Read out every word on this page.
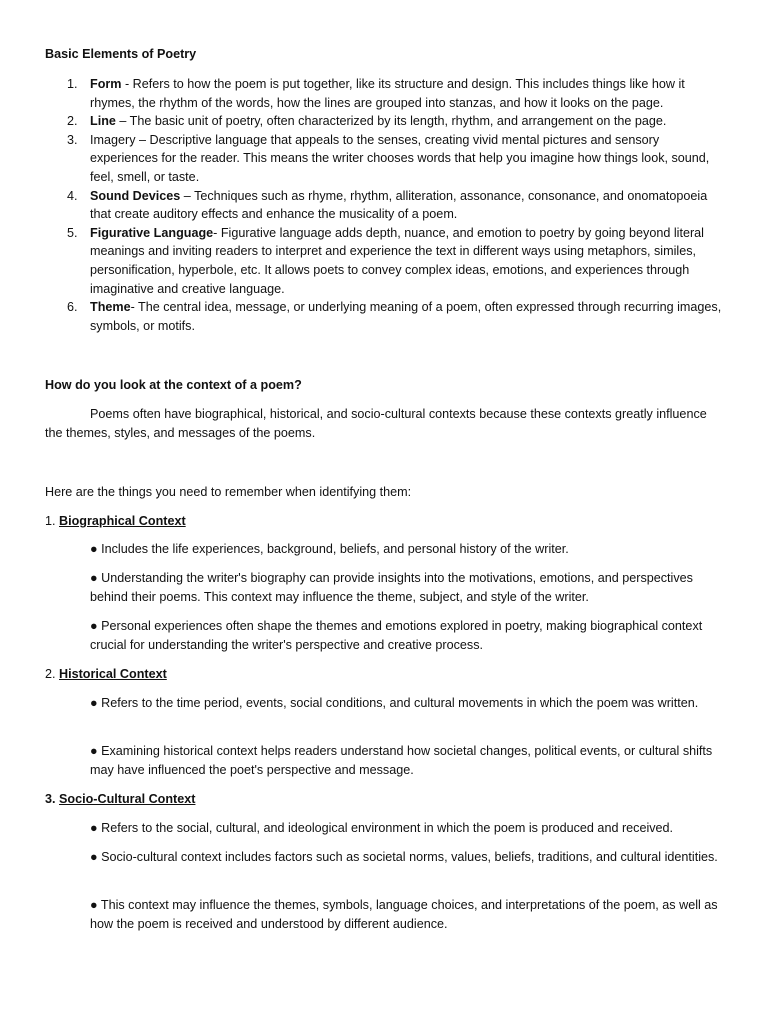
Basic Elements of Poetry

1. Form - Refers to how the poem is put together, like its structure and design. This includes things like how it rhymes, the rhythm of the words, how the lines are grouped into stanzas, and how it looks on the page.
2. Line – The basic unit of poetry, often characterized by its length, rhythm, and arrangement on the page.
3. Imagery – Descriptive language that appeals to the senses, creating vivid mental pictures and sensory experiences for the reader. This means the writer chooses words that help you imagine how things look, sound, feel, smell, or taste.
4. Sound Devices – Techniques such as rhyme, rhythm, alliteration, assonance, consonance, and onomatopoeia that create auditory effects and enhance the musicality of a poem.
5. Figurative Language- Figurative language adds depth, nuance, and emotion to poetry by going beyond literal meanings and inviting readers to interpret and experience the text in different ways using metaphors, similes, personification, hyperbole, etc. It allows poets to convey complex ideas, emotions, and experiences through imaginative and creative language.
6. Theme- The central idea, message, or underlying meaning of a poem, often expressed through recurring images, symbols, or motifs.

How do you look at the context of a poem?

Poems often have biographical, historical, and socio-cultural contexts because these contexts greatly influence the themes, styles, and messages of the poems.

Here are the things you need to remember when identifying them:

1. Biographical Context

● Includes the life experiences, background, beliefs, and personal history of the writer.

● Understanding the writer's biography can provide insights into the motivations, emotions, and perspectives behind their poems. This context may influence the theme, subject, and style of the writer.

● Personal experiences often shape the themes and emotions explored in poetry, making biographical context crucial for understanding the writer's perspective and creative process.

2. Historical Context

● Refers to the time period, events, social conditions, and cultural movements in which the poem was written.

● Examining historical context helps readers understand how societal changes, political events, or cultural shifts may have influenced the poet's perspective and message.

3. Socio-Cultural Context

● Refers to the social, cultural, and ideological environment in which the poem is produced and received.

● Socio-cultural context includes factors such as societal norms, values, beliefs, traditions, and cultural identities.

● This context may influence the themes, symbols, language choices, and interpretations of the poem, as well as how the poem is received and understood by different audience.
